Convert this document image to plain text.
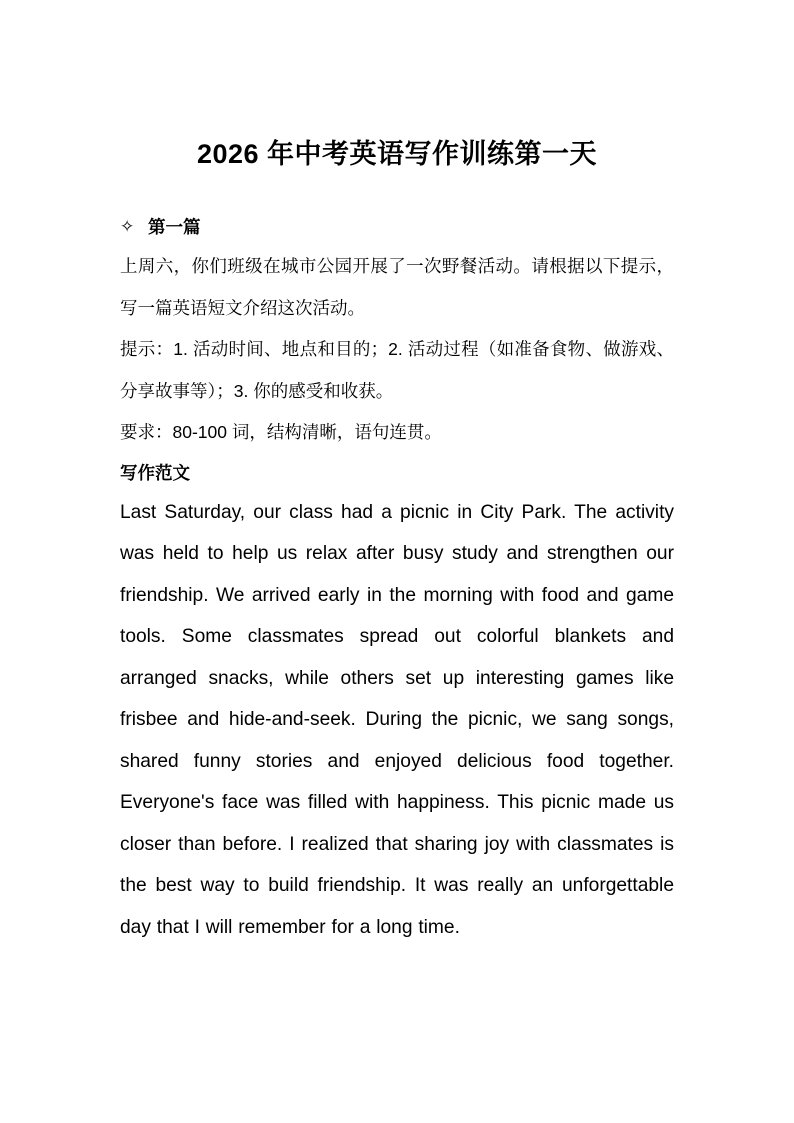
2026 年中考英语写作训练第一天
✧ 第一篇
上周六，你们班级在城市公园开展了一次野餐活动。请根据以下提示，写一篇英语短文介绍这次活动。
提示：1. 活动时间、地点和目的；2. 活动过程（如准备食物、做游戏、分享故事等）；3. 你的感受和收获。
要求：80-100 词，结构清晰，语句连贯。
写作范文
Last Saturday, our class had a picnic in City Park. The activity was held to help us relax after busy study and strengthen our friendship. We arrived early in the morning with food and game tools. Some classmates spread out colorful blankets and arranged snacks, while others set up interesting games like frisbee and hide-and-seek. During the picnic, we sang songs, shared funny stories and enjoyed delicious food together. Everyone's face was filled with happiness. This picnic made us closer than before. I realized that sharing joy with classmates is the best way to build friendship. It was really an unforgettable day that I will remember for a long time.
